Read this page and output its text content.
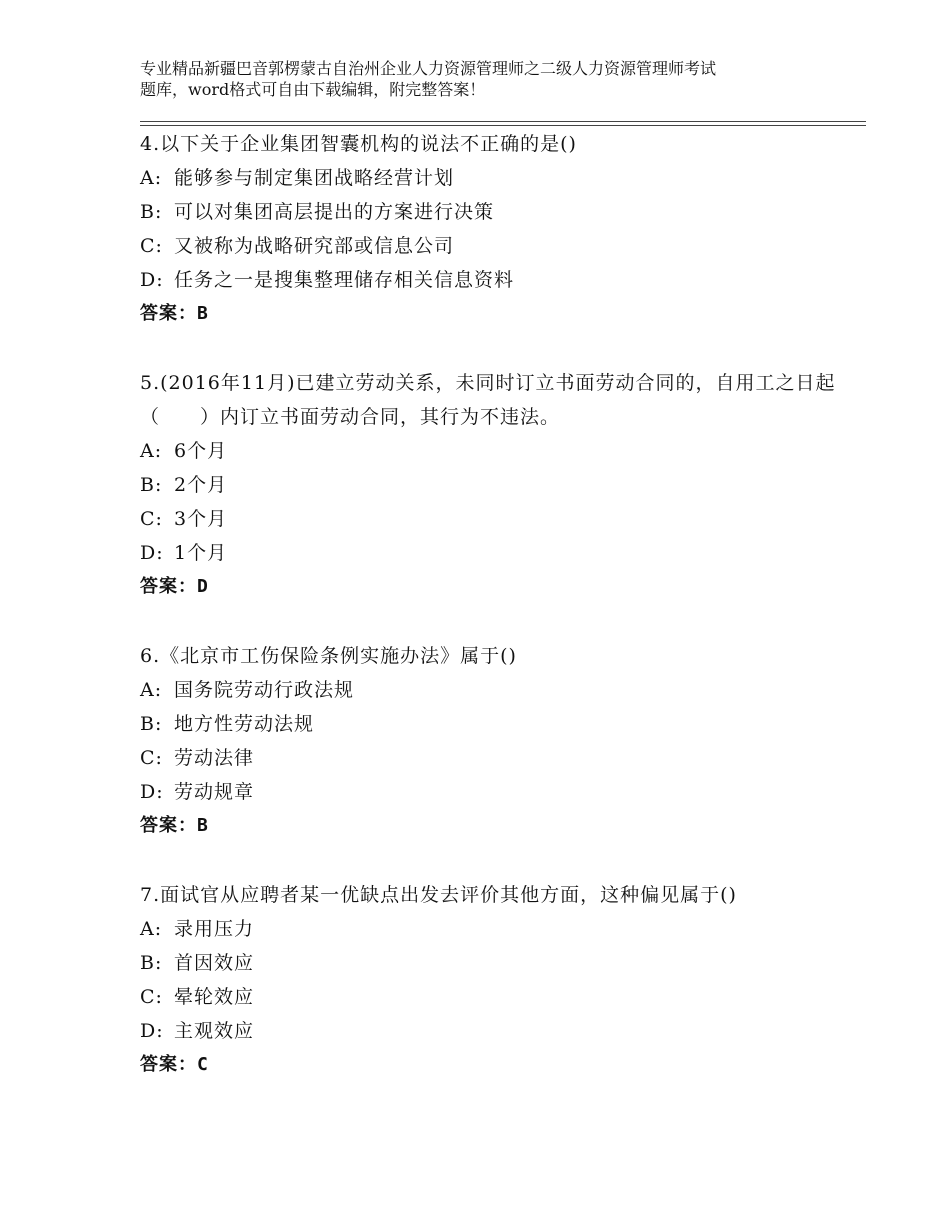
专业精品新疆巴音郭楞蒙古自治州企业人力资源管理师之二级人力资源管理师考试
题库，word格式可自由下载编辑，附完整答案！

4.以下关于企业集团智囊机构的说法不正确的是()

A: 能够参与制定集团战略经营计划
B: 可以对集团高层提出的方案进行决策
C: 又被称为战略研究部或信息公司
D: 任务之一是搜集整理储存相关信息资料
答案：B

5.(2016年11月)已建立劳动关系，未同时订立书面劳动合同的，自用工之日起（　　）内订立书面劳动合同，其行为不违法。

A: 6个月
B: 2个月
C: 3个月
D: 1个月
答案：D

6.《北京市工伤保险条例实施办法》属于()

A: 国务院劳动行政法规
B: 地方性劳动法规
C: 劳动法律
D: 劳动规章
答案：B

7.面试官从应聘者某一优缺点出发去评价其他方面，这种偏见属于()

A: 录用压力
B: 首因效应
C: 晕轮效应
D: 主观效应
答案：C
